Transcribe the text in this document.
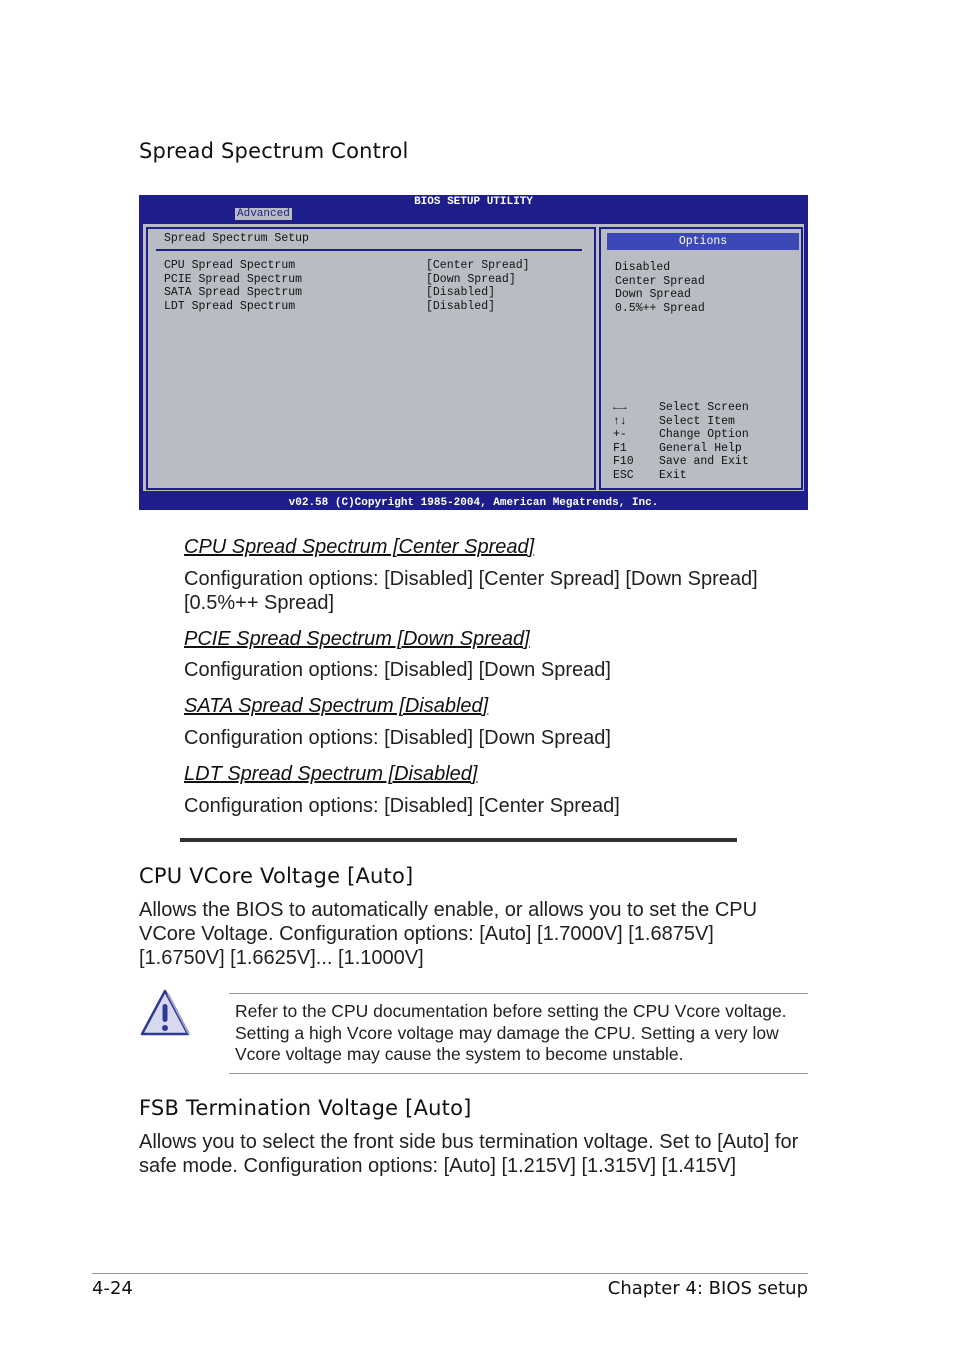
Spread Spectrum Control
BIOS SETUP UTILITY
Advanced
Spread Spectrum Setup
CPU Spread Spectrum	[Center Spread]
PCIE Spread Spectrum	[Down Spread]
SATA Spread Spectrum	[Disabled]
LDT Spread Spectrum	[Disabled]
Options
Disabled
Center Spread
Down Spread
0.5%++ Spread
←→	Select Screen
↑↓	Select Item
+-	Change Option
F1	General Help
F10 Save and Exit
ESC Exit
v02.58 (C)Copyright 1985-2004, American Megatrends, Inc.
CPU Spread Spectrum [Center Spread]
Configuration options: [Disabled] [Center Spread] [Down Spread] [0.5%++ Spread]
PCIE Spread Spectrum [Down Spread]
Configuration options: [Disabled] [Down Spread]
SATA Spread Spectrum [Disabled]
Configuration options: [Disabled] [Down Spread]
LDT Spread Spectrum [Disabled]
Configuration options: [Disabled] [Center Spread]
CPU VCore Voltage [Auto]
Allows the BIOS to automatically enable, or allows you to set the CPU VCore Voltage. Configuration options: [Auto] [1.7000V] [1.6875V] [1.6750V] [1.6625V]... [1.1000V]
Refer to the CPU documentation before setting the CPU Vcore voltage. Setting a high Vcore voltage may damage the CPU. Setting a very low Vcore voltage may cause the system to become unstable.
FSB Termination Voltage [Auto]
Allows you to select the front side bus termination voltage. Set to [Auto] for safe mode. Configuration options: [Auto] [1.215V] [1.315V] [1.415V]
4-24	Chapter 4: BIOS setup
